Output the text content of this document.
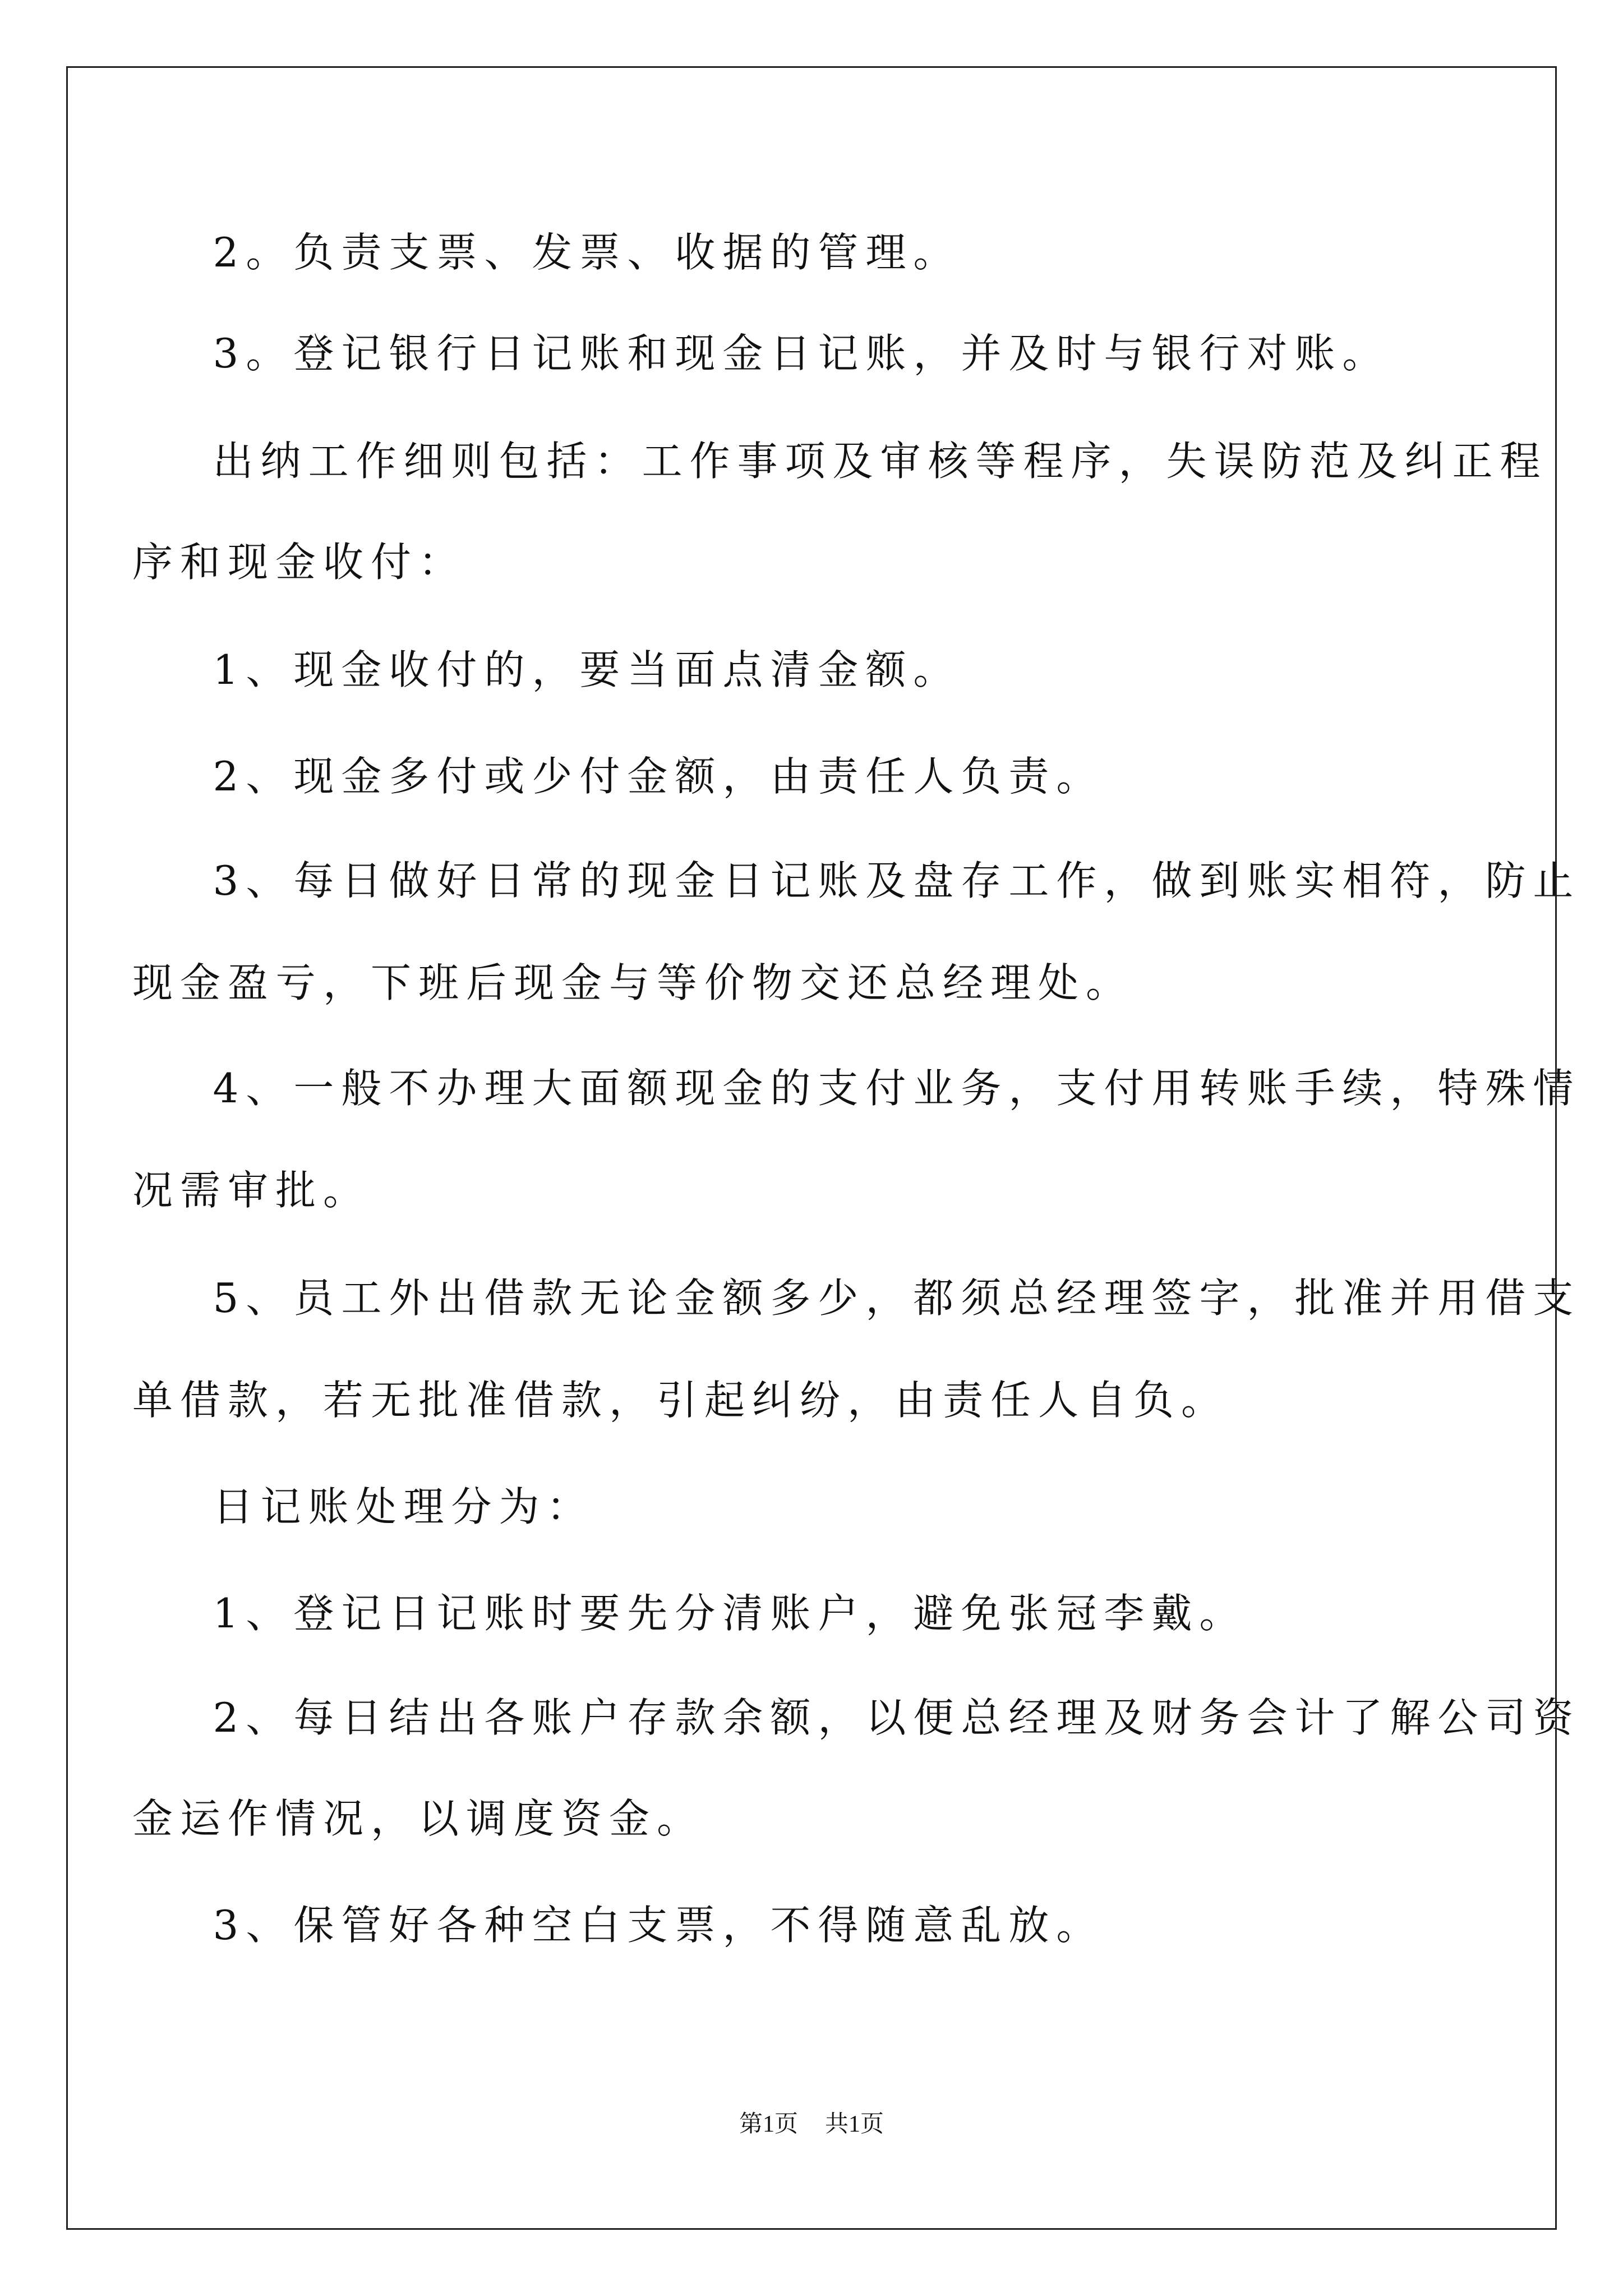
2。负责支票、发票、收据的管理。
3。登记银行日记账和现金日记账，并及时与银行对账。
出纳工作细则包括：工作事项及审核等程序，失误防范及纠正程
序和现金收付：
1、现金收付的，要当面点清金额。
2、现金多付或少付金额，由责任人负责。
3、每日做好日常的现金日记账及盘存工作，做到账实相符，防止
现金盈亏，下班后现金与等价物交还总经理处。
4、一般不办理大面额现金的支付业务，支付用转账手续，特殊情
况需审批。
5、员工外出借款无论金额多少，都须总经理签字，批准并用借支
单借款，若无批准借款，引起纠纷，由责任人自负。
日记账处理分为：
1、登记日记账时要先分清账户，避免张冠李戴。
2、每日结出各账户存款余额，以便总经理及财务会计了解公司资
金运作情况，以调度资金。
3、保管好各种空白支票，不得随意乱放。
第1页 共1页
